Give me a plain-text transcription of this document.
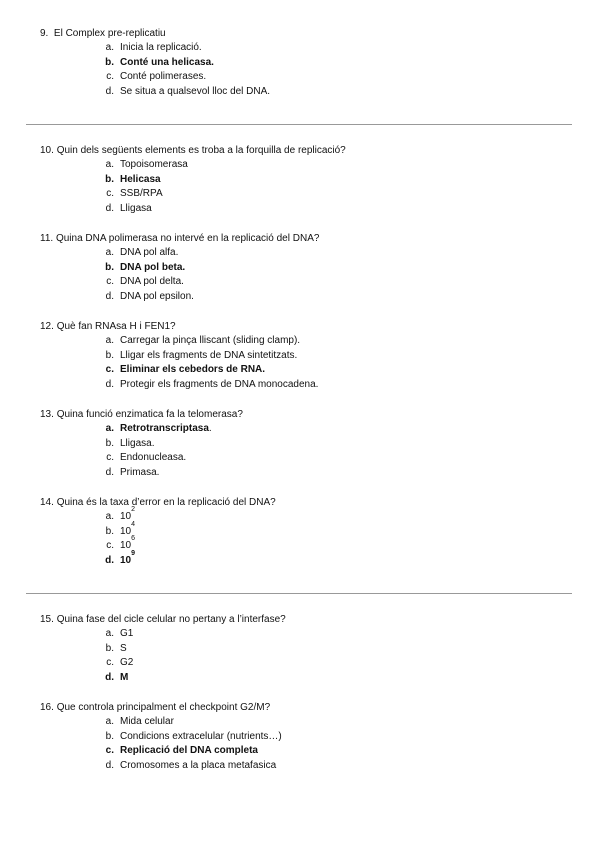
9. El Complex pre-replicatiu
a. Inicia la replicació.
b. Conté una helicasa.
c. Conté polimerases.
d. Se situa a qualsevol lloc del DNA.
10. Quin dels següents elements es troba a la forquilla de replicació?
a. Topoisomerasa
b. Helicasa
c. SSB/RPA
d. Lligasa
11. Quina DNA polimerasa no intervé en la replicació del DNA?
a. DNA pol alfa.
b. DNA pol beta.
c. DNA pol delta.
d. DNA pol epsilon.
12. Què fan RNAsa H i FEN1?
a. Carregar la pinça lliscant (sliding clamp).
b. Lligar els fragments de DNA sintetitzats.
c. Eliminar els cebedors de RNA.
d. Protegir els fragments de DNA monocadena.
13. Quina funció enzimatica fa la telomerasa?
a. Retrotranscriptasa .
b. Lligasa.
c. Endonucleasa.
d. Primasa.
14. Quina és la taxa d’error en la replicació del DNA?
a. 10
2
b. 10
4
c. 10
6
d. 10
9
15. Quina fase del cicle celular no pertany a l’interfase?
a. G1
b. S
c. G2
d. M
16. Que controla principalment el checkpoint G2/M?
a. Mida celular
b. Condicions extracelular (nutrients…)
c. Replicació del DNA completa
d. Cromosomes a la placa metafasica
